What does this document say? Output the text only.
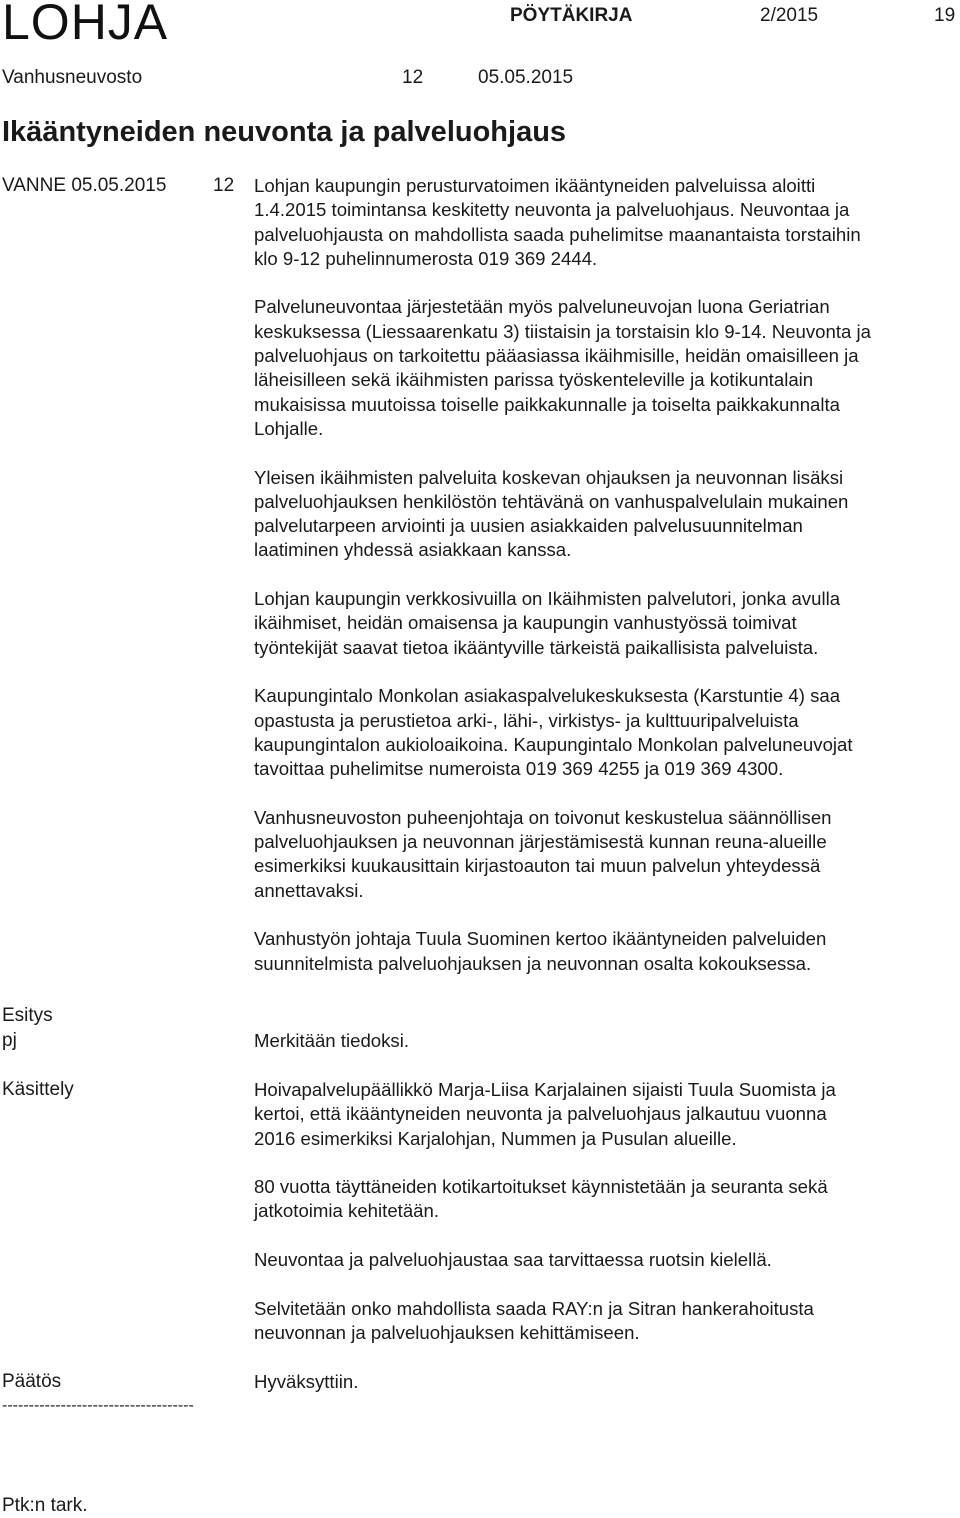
LOHJA	PÖYTÄKIRJA	2/2015	19
Vanhusneuvosto	12	05.05.2015
Ikääntyneiden neuvonta ja palveluohjaus
VANNE 05.05.2015 12 Lohjan kaupungin perusturvatoimen ikääntyneiden palveluissa aloitti
1.4.2015 toimintansa keskitetty neuvonta ja palveluohjaus. Neuvontaa ja
palveluohjausta on mahdollista saada puhelimitse maanantaista torstaihin
klo 9-12 puhelinnumerosta 019 369 2444.

Palveluneuvontaa järjestetään myös palveluneuvojan luona Geriatrian
keskuksessa (Liessaarenkatu 3) tiistaisin ja torstaisin klo 9-14. Neuvonta ja
palveluohjaus on tarkoitettu pääasiassa ikäihmisille, heidän omaisilleen ja
läheisilleen sekä ikäihmisten parissa työskenteleville ja kotikuntalain
mukaisissa muutoissa toiselle paikkakunnalle ja toiselta paikkakunnalta
Lohjalle.

Yleisen ikäihmisten palveluita koskevan ohjauksen ja neuvonnan lisäksi
palveluohjauksen henkilöstön tehtävänä on vanhuspalvelulain mukainen
palvelutarpeen arviointi ja uusien asiakkaiden palvelusuunnitelman
laatiminen yhdessä asiakkaan kanssa.

Lohjan kaupungin verkkosivuilla on Ikäihmisten palvelutori, jonka avulla
ikäihmiset, heidän omaisensa ja kaupungin vanhustyössä toimivat
työntekijät saavat tietoa ikääntyville tärkeistä paikallisista palveluista.

Kaupungintalo Monkolan asiakaspalvelukeskuksesta (Karstuntie 4) saa
opastusta ja perustietoa arki-, lähi-, virkistys- ja kulttuuripalveluista
kaupungintalon aukioloaikoina. Kaupungintalo Monkolan palveluneuvojat
tavoittaa puhelimitse numeroista 019 369 4255 ja 019 369 4300.

Vanhusneuvoston puheenjohtaja on toivonut keskustelua säännöllisen
palveluohjauksen ja neuvonnan järjestämisestä kunnan reuna-alueille
esimerkiksi kuukausittain kirjastoauton tai muun palvelun yhteydessä
annettavaksi.

Vanhustyön johtaja Tuula Suominen kertoo ikääntyneiden palveluiden
suunnitelmista palveluohjauksen ja neuvonnan osalta kokouksessa.

Esitys
pj	Merkitään tiedoksi.

Käsittely	Hoivapalvelupäällikkö Marja-Liisa Karjalainen sijaisti Tuula Suomista ja
kertoi, että ikääntyneiden neuvonta ja palveluohjaus jalkautuu vuonna
2016 esimerkiksi Karjalohjan, Nummen ja Pusulan alueille.

80 vuotta täyttäneiden kotikartoitukset käynnistetään ja seuranta sekä
jatkotoimia kehitetään.

Neuvontaa ja palveluohjaustaa saa tarvittaessa ruotsin kielellä.

Selvitetään onko mahdollista saada RAY:n ja Sitran hankerahoitusta
neuvonnan ja palveluohjauksen kehittämiseen.

Päätös	Hyväksyttiin.

------------------------------------
Ptk:n tark.
